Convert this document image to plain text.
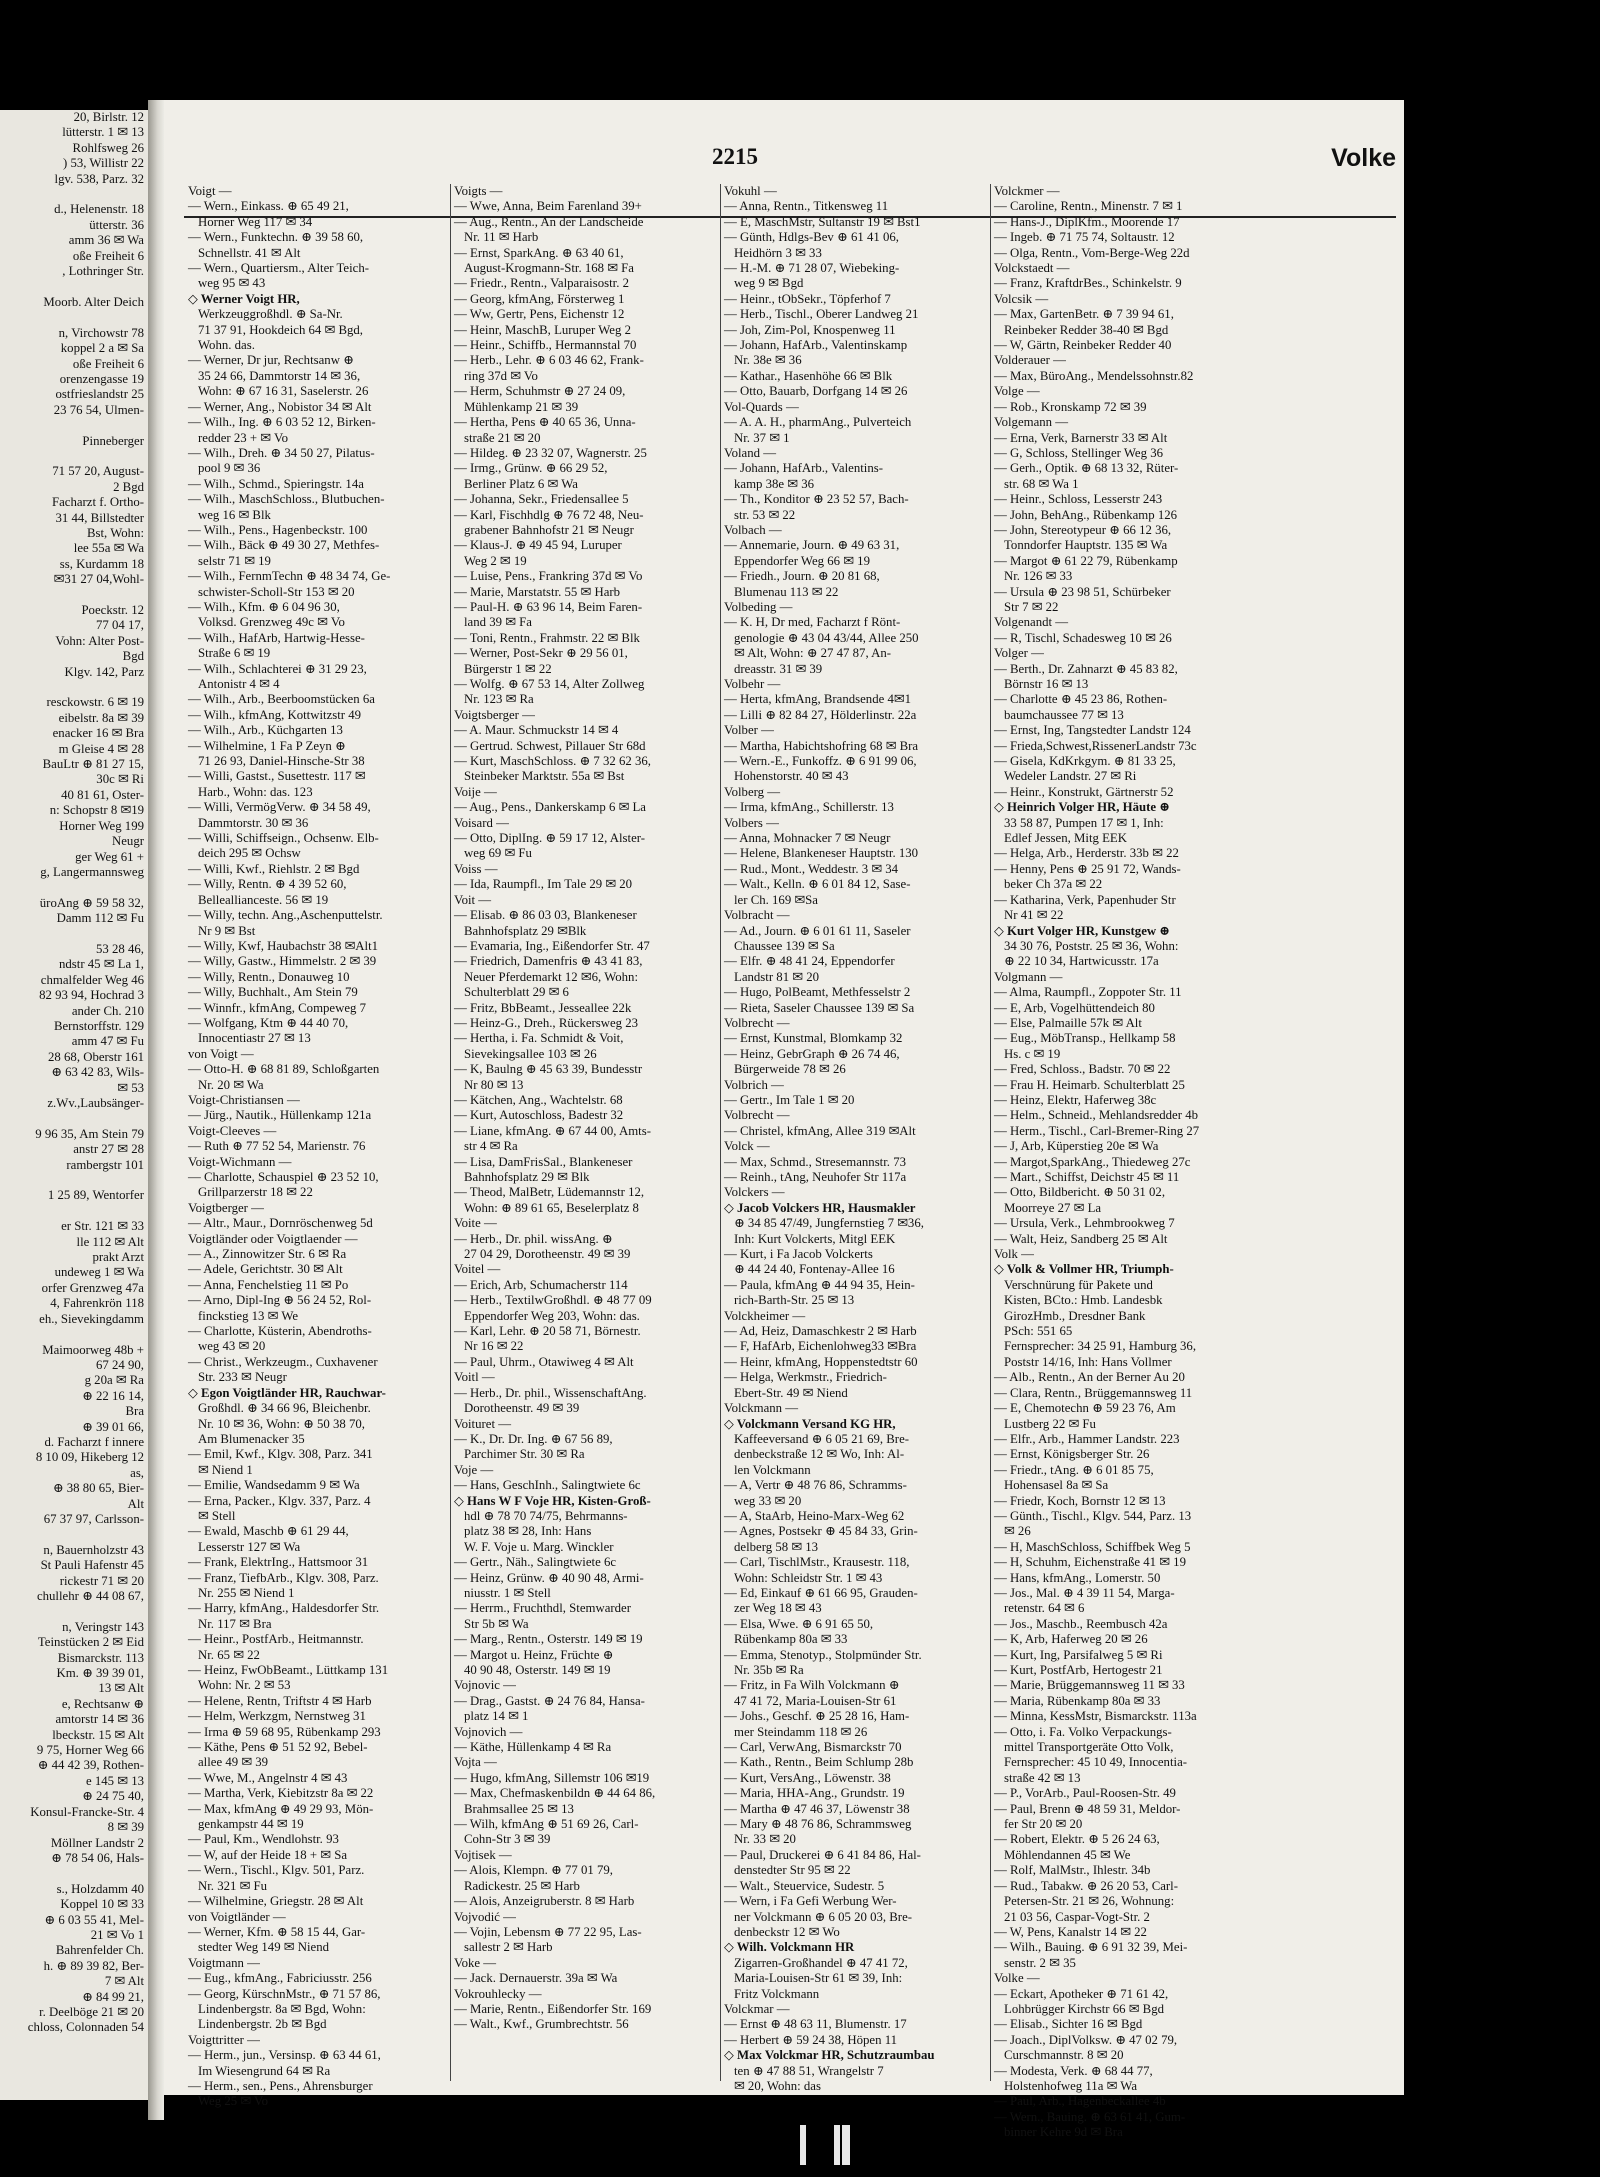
20, Birlstr. 12
lütterstr. 1 ✉ 13
Rohlfsweg 26
) 53, Willistr 22
lgv. 538, Parz. 32

d., Helenenstr. 18
ütterstr. 36
amm 36 ✉ Wa
oße Freiheit 6
, Lothringer Str.

Moorb. Alter Deich

n, Virchowstr 78
koppel 2 a ✉ Sa
oße Freiheit 6
orenzengasse 19
ostfrieslandstr 25
23 76 54, Ulmen-

Pinneberger

71 57 20, August-
2 Bgd
Facharzt f. Ortho-
31 44, Billstedter
Bst, Wohn:
lee 55a ✉ Wa
ss, Kurdamm 18
✉31 27 04,Wohl-

Poeckstr. 12
77 04 17,
Vohn: Alter Post-
Bgd
Klgv. 142, Parz

resckowstr. 6 ✉ 19
eibelstr. 8a ✉ 39
enacker 16 ✉ Bra
m Gleise 4 ✉ 28
BauLtr ⊕ 81 27 15,
30c ✉ Ri
40 81 61, Oster-
n: Schopstr 8 ✉19
Horner Weg 199
Neugr
ger Weg 61 +
g, Langermannsweg

üroAng ⊕ 59 58 32,
Damm 112 ✉ Fu

53 28 46,
ndstr 45 ✉ La 1,
chmalfelder Weg 46
82 93 94, Hochrad 3
ander Ch. 210
Bernstorffstr. 129
amm 47 ✉ Fu
28 68, Oberstr 161
⊕ 63 42 83, Wils-
✉ 53
z.Wv.,Laubsänger-

9 96 35, Am Stein 79
anstr 27 ✉ 28
rambergstr 101

1 25 89, Wentorfer

er Str. 121 ✉ 33
lle 112 ✉ Alt
prakt Arzt
undeweg 1 ✉ Wa
orfer Grenzweg 47a
4, Fahrenkrön 118
eh., Sievekingdamm

Maimoorweg 48b +
67 24 90,
g 20a ✉ Ra
⊕ 22 16 14,
Bra
⊕ 39 01 66,
d. Facharzt f innere
8 10 09, Hikeberg 12
as,
⊕ 38 80 65, Bier-
Alt
67 37 97, Carlsson-

n, Bauernholzstr 43
St Pauli Hafenstr 45
rickestr 71 ✉ 20
chullehr ⊕ 44 08 67,

n, Veringstr 143
Teinstücken 2 ✉ Eid
Bismarckstr. 113
Km. ⊕ 39 39 01,
13 ✉ Alt
e, Rechtsanw ⊕
amtorstr 14 ✉ 36
lbeckstr. 15 ✉ Alt
9 75, Horner Weg 66
⊕ 44 42 39, Rothen-
e 145 ✉ 13
⊕ 24 75 40,
Konsul-Francke-Str. 4
8 ✉ 39
Möllner Landstr 2
⊕ 78 54 06, Hals-

s., Holzdamm 40
Koppel 10 ✉ 33
⊕ 6 03 55 41, Mel-
21 ✉ Vo 1
Bahrenfelder Ch.
h. ⊕ 89 39 82, Ber-
7 ✉ Alt
⊕ 84 99 21,
r. Deelböge 21 ✉ 20
chloss, Colonnaden 54
2215	Volke
Voigt —
— Wern., Einkass. ⊕ 65 49 21,
Horner Weg 117 ✉ 34
— Wern., Funktechn. ⊕ 39 58 60,
Schnellstr. 41 ✉ Alt
— Wern., Quartiersm., Alter Teich-
weg 95 ✉ 43
◇ Werner Voigt HR,
Werkzeuggroßhdl. ⊕ Sa-Nr.
71 37 91, Hookdeich 64 ✉ Bgd,
Wohn. das.
— Werner, Dr jur, Rechtsanw ⊕
35 24 66, Dammtorstr 14 ✉ 36,
Wohn: ⊕ 67 16 31, Saselerstr. 26
— Werner, Ang., Nobistor 34 ✉ Alt
— Wilh., Ing. ⊕ 6 03 52 12, Birken-
redder 23 + ✉ Vo
— Wilh., Dreh. ⊕ 34 50 27, Pilatus-
pool 9 ✉ 36
— Wilh., Schmd., Spieringstr. 14a
— Wilh., MaschSchloss., Blutbuchen-
weg 16 ✉ Blk
— Wilh., Pens., Hagenbeckstr. 100
— Wilh., Bäck ⊕ 49 30 27, Methfes-
selstr 71 ✉ 19
— Wilh., FernmTechn ⊕ 48 34 74, Ge-
schwister-Scholl-Str 153 ✉ 20
— Wilh., Kfm. ⊕ 6 04 96 30,
Volksd. Grenzweg 49c ✉ Vo
— Wilh., HafArb, Hartwig-Hesse-
Straße 6 ✉ 19
— Wilh., Schlachterei ⊕ 31 29 23,
Antonistr 4 ✉ 4
— Wilh., Arb., Beerboomstücken 6a
— Wilh., kfmAng, Kottwitzstr 49
— Wilh., Arb., Küchgarten 13
— Wilhelmine, 1 Fa P Zeyn ⊕
71 26 93, Daniel-Hinsche-Str 38
— Willi, Gastst., Susettestr. 117 ✉
Harb., Wohn: das. 123
— Willi, VermögVerw. ⊕ 34 58 49,
Dammtorstr. 30 ✉ 36
— Willi, Schiffseign., Ochsenw. Elb-
deich 295 ✉ Ochsw
— Willi, Kwf., Riehlstr. 2 ✉ Bgd
— Willy, Rentn. ⊕ 4 39 52 60,
Belleallianceste. 56 ✉ 19
— Willy, techn. Ang.,Aschenputtelstr.
Nr 9 ✉ Bst
— Willy, Kwf, Haubachstr 38 ✉Alt1
— Willy, Gastw., Himmelstr. 2 ✉ 39
— Willy, Rentn., Donauweg 10
— Willy, Buchhalt., Am Stein 79
— Winnfr., kfmAng, Compeweg 7
— Wolfgang, Ktm ⊕ 44 40 70,
Innocentiastr 27 ✉ 13
von Voigt —
— Otto-H. ⊕ 68 81 89, Schloßgarten
Nr. 20 ✉ Wa
Voigt-Christiansen —
— Jürg., Nautik., Hüllenkamp 121a
Voigt-Cleeves —
— Ruth ⊕ 77 52 54, Marienstr. 76
Voigt-Wichmann —
— Charlotte, Schauspiel ⊕ 23 52 10,
Grillparzerstr 18 ✉ 22
Voigtberger —
— Altr., Maur., Dornröschenweg 5d
Voigtländer oder Voigtlaender —
— A., Zinnowitzer Str. 6 ✉ Ra
— Adele, Gerichtstr. 30 ✉ Alt
— Anna, Fenchelstieg 11 ✉ Po
— Arno, Dipl-Ing ⊕ 56 24 52, Rol-
finckstieg 13 ✉ We
— Charlotte, Küsterin, Abendroths-
weg 43 ✉ 20
— Christ., Werkzeugm., Cuxhavener
Str. 233 ✉ Neugr
◇ Egon Voigtländer HR, Rauchwar-
Großhdl. ⊕ 34 66 96, Bleichenbr.
Nr. 10 ✉ 36, Wohn: ⊕ 50 38 70,
Am Blumenacker 35
— Emil, Kwf., Klgv. 308, Parz. 341
✉ Niend 1
— Emilie, Wandsedamm 9 ✉ Wa
— Erna, Packer., Klgv. 337, Parz. 4
✉ Stell
— Ewald, Maschb ⊕ 61 29 44,
Lesserstr 127 ✉ Wa
— Frank, ElektrIng., Hattsmoor 31
— Franz, TiefbArb., Klgv. 308, Parz.
Nr. 255 ✉ Niend 1
— Harry, kfmAng., Haldesdorfer Str.
Nr. 117 ✉ Bra
— Heinr., PostfArb., Heitmannstr.
Nr. 65 ✉ 22
— Heinz, FwObBeamt., Lüttkamp 131
Wohn: Nr. 2 ✉ 53
— Helene, Rentn, Triftstr 4 ✉ Harb
— Helm, Werkzgm, Nernstweg 31
— Irma ⊕ 59 68 95, Rübenkamp 293
— Käthe, Pens ⊕ 51 52 92, Bebel-
allee 49 ✉ 39
— Wwe, M., Angelnstr 4 ✉ 43
— Martha, Verk, Kiebitzstr 8a ✉ 22
— Max, kfmAng ⊕ 49 29 93, Mön-
genkampstr 44 ✉ 19
— Paul, Km., Wendlohstr. 93
— W, auf der Heide 18 + ✉ Sa
— Wern., Tischl., Klgv. 501, Parz.
Nr. 321 ✉ Fu
— Wilhelmine, Griegstr. 28 ✉ Alt
von Voigtländer —
— Werner, Kfm. ⊕ 58 15 44, Gar-
stedter Weg 149 ✉ Niend
Voigtmann —
— Eug., kfmAng., Fabriciusstr. 256
— Georg, KürschnMstr., ⊕ 71 57 86,
Lindenbergstr. 8a ✉ Bgd, Wohn:
Lindenbergstr. 2b ✉ Bgd
Voigttritter —
— Herm., jun., Versinsp. ⊕ 63 44 61,
Im Wiesengrund 64 ✉ Ra
— Herm., sen., Pens., Ahrensburger
Weg 25 ✉ Vo
Voigts —
— Wwe, Anna, Beim Farenland 39+
— Aug., Rentn., An der Landscheide
Nr. 11 ✉ Harb
— Ernst, SparkAng. ⊕ 63 40 61,
August-Krogmann-Str. 168 ✉ Fa
— Friedr., Rentn., Valparaisostr. 2
— Georg, kfmAng, Försterweg 1
— Ww, Gertr, Pens, Eichenstr 12
— Heinr, MaschB, Luruper Weg 2
— Heinr., Schiffb., Hermannstal 70
— Herb., Lehr. ⊕ 6 03 46 62, Frank-
ring 37d ✉ Vo
— Herm, Schuhmstr ⊕ 27 24 09,
Mühlenkamp 21 ✉ 39
— Hertha, Pens ⊕ 40 65 36, Unna-
straße 21 ✉ 20
— Hildeg. ⊕ 23 32 07, Wagnerstr. 25
— Irmg., Grünw. ⊕ 66 29 52,
Berliner Platz 6 ✉ Wa
— Johanna, Sekr., Friedensallee 5
— Karl, Fischhdlg ⊕ 76 72 48, Neu-
grabener Bahnhofstr 21 ✉ Neugr
— Klaus-J. ⊕ 49 45 94, Luruper
Weg 2 ✉ 19
— Luise, Pens., Frankring 37d ✉ Vo
— Marie, Marstatstr. 55 ✉ Harb
— Paul-H. ⊕ 63 96 14, Beim Faren-
land 39 ✉ Fa
— Toni, Rentn., Frahmstr. 22 ✉ Blk
— Werner, Post-Sekr ⊕ 29 56 01,
Bürgerstr 1 ✉ 22
— Wolfg. ⊕ 67 53 14, Alter Zollweg
Nr. 123 ✉ Ra
Voigtsberger —
— A. Maur. Schmuckstr 14 ✉ 4
— Gertrud. Schwest, Pillauer Str 68d
— Kurt, MaschSchloss. ⊕ 7 32 62 36,
Steinbeker Marktstr. 55a ✉ Bst
Voije —
— Aug., Pens., Dankerskamp 6 ✉ La
Voisard —
— Otto, DiplIng. ⊕ 59 17 12, Alster-
weg 69 ✉ Fu
Voiss —
— Ida, Raumpfl., Im Tale 29 ✉ 20
Voit —
— Elisab. ⊕ 86 03 03, Blankeneser
Bahnhofsplatz 29 ✉Blk
— Evamaria, Ing., Eißendorfer Str. 47
— Friedrich, Damenfris ⊕ 43 41 83,
Neuer Pferdemarkt 12 ✉6, Wohn:
Schulterblatt 29 ✉ 6
— Fritz, BbBeamt., Jesseallee 22k
— Heinz-G., Dreh., Rückersweg 23
— Hertha, i. Fa. Schmidt & Voit,
Sievekingsallee 103 ✉ 26
— K, Baulng ⊕ 45 63 39, Bundesstr
Nr 80 ✉ 13
— Kätchen, Ang., Wachtelstr. 68
— Kurt, Autoschloss, Badestr 32
— Liane, kfmAng. ⊕ 67 44 00, Amts-
str 4 ✉ Ra
— Lisa, DamFrisSal., Blankeneser
Bahnhofsplatz 29 ✉ Blk
— Theod, MalBetr, Lüdemannstr 12,
Wohn: ⊕ 89 61 65, Beselerplatz 8
Voite —
— Herb., Dr. phil. wissAng. ⊕
27 04 29, Dorotheenstr. 49 ✉ 39
Voitel —
— Erich, Arb, Schumacherstr 114
— Herb., TextilwGroßhdl. ⊕ 48 77 09
Eppendorfer Weg 203, Wohn: das.
— Karl, Lehr. ⊕ 20 58 71, Börnestr.
Nr 16 ✉ 22
— Paul, Uhrm., Otawiweg 4 ✉ Alt
Voitl —
— Herb., Dr. phil., WissenschaftAng.
Dorotheenstr. 49 ✉ 39
Voituret —
— K., Dr. Dr. Ing. ⊕ 67 56 89,
Parchimer Str. 30 ✉ Ra
Voje —
— Hans, GeschInh., Salingtwiete 6c
◇ Hans W F Voje HR, Kisten-Groß-
hdl ⊕ 78 70 74/75, Behrmanns-
platz 38 ✉ 28, Inh: Hans
W. F. Voje u. Marg. Winckler
— Gertr., Näh., Salingtwiete 6c
— Heinz, Grünw. ⊕ 40 90 48, Armi-
niusstr. 1 ✉ Stell
— Herrm., Fruchthdl, Stemwarder
Str 5b ✉ Wa
— Marg., Rentn., Osterstr. 149 ✉ 19
— Margot u. Heinz, Früchte ⊕
40 90 48, Osterstr. 149 ✉ 19
Vojnovic —
— Drag., Gastst. ⊕ 24 76 84, Hansa-
platz 14 ✉ 1
Vojnovich —
— Käthe, Hüllenkamp 4 ✉ Ra
Vojta —
— Hugo, kfmAng, Sillemstr 106 ✉19
— Max, Chefmaskenbildn ⊕ 44 64 86,
Brahmsallee 25 ✉ 13
— Wilh, kfmAng ⊕ 51 69 26, Carl-
Cohn-Str 3 ✉ 39
Vojtisek —
— Alois, Klempn. ⊕ 77 01 79,
Radickestr. 25 ✉ Harb
— Alois, Anzeigruberstr. 8 ✉ Harb
Vojvodić —
— Vojin, Lebensm ⊕ 77 22 95, Las-
sallestr 2 ✉ Harb
Voke —
— Jack. Dernauerstr. 39a ✉ Wa
Vokrouhlecky —
— Marie, Rentn., Eißendorfer Str. 169
— Walt., Kwf., Grumbrechtstr. 56
Vokuhl —
— Anna, Rentn., Titkensweg 11
— E, MaschMstr, Sultanstr 19 ✉ Bst1
— Günth, Hdlgs-Bev ⊕ 61 41 06,
Heidhörn 3 ✉ 33
— H.-M. ⊕ 71 28 07, Wiebeking-
weg 9 ✉ Bgd
— Heinr., tObSekr., Töpferhof 7
— Herb., Tischl., Oberer Landweg 21
— Joh, Zim-Pol, Knospenweg 11
— Johann, HafArb., Valentinskamp
Nr. 38e ✉ 36
— Kathar., Hasenhöhe 66 ✉ Blk
— Otto, Bauarb, Dorfgang 14 ✉ 26
Vol-Quards —
— A. A. H., pharmAng., Pulverteich
Nr. 37 ✉ 1
Voland —
— Johann, HafArb., Valentins-
kamp 38e ✉ 36
— Th., Konditor ⊕ 23 52 57, Bach-
str. 53 ✉ 22
Volbach —
— Annemarie, Journ. ⊕ 49 63 31,
Eppendorfer Weg 66 ✉ 19
— Friedh., Journ. ⊕ 20 81 68,
Blumenau 113 ✉ 22
Volbeding —
— K. H, Dr med, Facharzt f Rönt-
genologie ⊕ 43 04 43/44, Allee 250
✉ Alt, Wohn: ⊕ 27 47 87, An-
dreasstr. 31 ✉ 39
Volbehr —
— Herta, kfmAng, Brandsende 4✉1
— Lilli ⊕ 82 84 27, Hölderlinstr. 22a
Volber —
— Martha, Habichtshofring 68 ✉ Bra
— Wern.-E., Funkoffz. ⊕ 6 91 99 06,
Hohenstorstr. 40 ✉ 43
Volberg —
— Irma, kfmAng., Schillerstr. 13
Volbers —
— Anna, Mohnacker 7 ✉ Neugr
— Helene, Blankeneser Hauptstr. 130
— Rud., Mont., Weddestr. 3 ✉ 34
— Walt., Kelln. ⊕ 6 01 84 12, Sase-
ler Ch. 169 ✉Sa
Volbracht —
— Ad., Journ. ⊕ 6 01 61 11, Saseler
Chaussee 139 ✉ Sa
— Elfr. ⊕ 48 41 24, Eppendorfer
Landstr 81 ✉ 20
— Hugo, PolBeamt, Methfesselstr 2
— Rieta, Saseler Chaussee 139 ✉ Sa
Volbrecht —
— Ernst, Kunstmal, Blomkamp 32
— Heinz, GebrGraph ⊕ 26 74 46,
Bürgerweide 78 ✉ 26
Volbrich —
— Gertr., Im Tale 1 ✉ 20
Volbrecht —
— Christel, kfmAng, Allee 319 ✉Alt
Volck —
— Max, Schmd., Stresemannstr. 73
— Reinh., tAng, Neuhofer Str 117a
Volckers —
◇ Jacob Volckers HR, Hausmakler
⊕ 34 85 47/49, Jungfernstieg 7 ✉36,
Inh: Kurt Volckerts, Mitgl EEK
— Kurt, i Fa Jacob Volckerts
⊕ 44 24 40, Fontenay-Allee 16
— Paula, kfmAng ⊕ 44 94 35, Hein-
rich-Barth-Str. 25 ✉ 13
Volckheimer —
— Ad, Heiz, Damaschkestr 2 ✉ Harb
— F, HafArb, Eichenlohweg33 ✉Bra
— Heinr, kfmAng, Hoppenstedtstr 60
— Helga, Werkmstr., Friedrich-
Ebert-Str. 49 ✉ Niend
Volckmann —
◇ Volckmann Versand KG HR,
Kaffeeversand ⊕ 6 05 21 69, Bre-
denbeckstraße 12 ✉ Wo, Inh: Al-
len Volckmann
— A, Vertr ⊕ 48 76 86, Schramms-
weg 33 ✉ 20
— A, StaArb, Heino-Marx-Weg 62
— Agnes, Postsekr ⊕ 45 84 33, Grin-
delberg 58 ✉ 13
— Carl, TischlMstr., Krausestr. 118,
Wohn: Schleidstr Str. 1 ✉ 43
— Ed, Einkauf ⊕ 61 66 95, Grauden-
zer Weg 18 ✉ 43
— Elsa, Wwe. ⊕ 6 91 65 50,
Rübenkamp 80a ✉ 33
— Emma, Stenotyp., Stolpmünder Str.
Nr. 35b ✉ Ra
— Fritz, in Fa Wilh Volckmann ⊕
47 41 72, Maria-Louisen-Str 61
— Johs., Geschf. ⊕ 25 28 16, Ham-
mer Steindamm 118 ✉ 26
— Carl, VerwAng, Bismarckstr 70
— Kath., Rentn., Beim Schlump 28b
— Kurt, VersAng., Löwenstr. 38
— Maria, HHA-Ang., Grundstr. 19
— Martha ⊕ 47 46 37, Löwenstr 38
— Mary ⊕ 48 76 86, Schrammsweg
Nr. 33 ✉ 20
— Paul, Druckerei ⊕ 6 41 84 86, Hal-
denstedter Str 95 ✉ 22
— Walt., Steuervice, Sudestr. 5
— Wern, i Fa Gefi Werbung Wer-
ner Volckmann ⊕ 6 05 20 03, Bre-
denbeckstr 12 ✉ Wo
◇ Wilh. Volckmann HR
Zigarren-Großhandel ⊕ 47 41 72,
Maria-Louisen-Str 61 ✉ 39, Inh:
Fritz Volckmann
Volckmar —
— Ernst ⊕ 48 63 11, Blumenstr. 17
— Herbert ⊕ 59 24 38, Höpen 11
◇ Max Volckmar HR, Schutzraumbau
ten ⊕ 47 88 51, Wrangelstr 7
✉ 20, Wohn: das
Volckmer —
— Caroline, Rentn., Minenstr. 7 ✉ 1
— Hans-J., DiplKfm., Moorende 17
— Ingeb. ⊕ 71 75 74, Soltaustr. 12
— Olga, Rentn., Vom-Berge-Weg 22d
Volckstaedt —
— Franz, KraftdrBes., Schinkelstr. 9
Volcsik —
— Max, GartenBetr. ⊕ 7 39 94 61,
Reinbeker Redder 38-40 ✉ Bgd
— W, Gärtn, Reinbeker Redder 40
Volderauer —
— Max, BüroAng., Mendelssohnstr.82
Volge —
— Rob., Kronskamp 72 ✉ 39
Volgemann —
— Erna, Verk, Barnerstr 33 ✉ Alt
— G, Schloss, Stellinger Weg 36
— Gerh., Optik. ⊕ 68 13 32, Rüter-
str. 68 ✉ Wa 1
— Heinr., Schloss, Lesserstr 243
— John, BehAng., Rübenkamp 126
— John, Stereotypeur ⊕ 66 12 36,
Tonndorfer Hauptstr. 135 ✉ Wa
— Margot ⊕ 61 22 79, Rübenkamp
Nr. 126 ✉ 33
— Ursula ⊕ 23 98 51, Schürbeker
Str 7 ✉ 22
Volgenandt —
— R, Tischl, Schadesweg 10 ✉ 26
Volger —
— Berth., Dr. Zahnarzt ⊕ 45 83 82,
Börnstr 16 ✉ 13
— Charlotte ⊕ 45 23 86, Rothen-
baumchaussee 77 ✉ 13
— Ernst, Ing, Tangstedter Landstr 124
— Frieda,Schwest,RissenerLandstr 73c
— Gisela, KdKrkgym. ⊕ 81 33 25,
Wedeler Landstr. 27 ✉ Ri
— Heinr., Konstrukt, Gärtnerstr 52
◇ Heinrich Volger HR, Häute ⊕
33 58 87, Pumpen 17 ✉ 1, Inh:
Edlef Jessen, Mitg EEK
— Helga, Arb., Herderstr. 33b ✉ 22
— Henny, Pens ⊕ 25 91 72, Wands-
beker Ch 37a ✉ 22
— Katharina, Verk, Papenhuder Str
Nr 41 ✉ 22
◇ Kurt Volger HR, Kunstgew ⊕
34 30 76, Poststr. 25 ✉ 36, Wohn:
⊕ 22 10 34, Hartwicusstr. 17a
Volgmann —
— Alma, Raumpfl., Zoppoter Str. 11
— E, Arb, Vogelhüttendeich 80
— Else, Palmaille 57k ✉ Alt
— Eug., MöbTransp., Hellkamp 58
Hs. c ✉ 19
— Fred, Schloss., Badstr. 70 ✉ 22
— Frau H. Heimarb. Schulterblatt 25
— Heinz, Elektr, Haferweg 38c
— Helm., Schneid., Mehlandsredder 4b
— Herm., Tischl., Carl-Bremer-Ring 27
— J, Arb, Küperstieg 20e ✉ Wa
— Margot,SparkAng., Thiedeweg 27c
— Mart., Schiffst, Deichstr 45 ✉ 11
— Otto, Bildbericht. ⊕ 50 31 02,
Moorreye 27 ✉ La
— Ursula, Verk., Lehmbrookweg 7
— Walt, Heiz, Sandberg 25 ✉ Alt
Volk —
◇ Volk & Vollmer HR, Triumph-
Verschnürung für Pakete und
Kisten, BCto.: Hmb. Landesbk
GirozHmb., Dresdner Bank
PSch: 551 65
Fernsprecher: 34 25 91, Hamburg 36,
Poststr 14/16, Inh: Hans Vollmer
— Alb., Rentn., An der Berner Au 20
— Clara, Rentn., Brüggemannsweg 11
— E, Chemotechn ⊕ 59 23 76, Am
Lustberg 22 ✉ Fu
— Elfr., Arb., Hammer Landstr. 223
— Ernst, Königsberger Str. 26
— Friedr., tAng. ⊕ 6 01 85 75,
Hohensasel 8a ✉ Sa
— Friedr, Koch, Bornstr 12 ✉ 13
— Günth., Tischl., Klgv. 544, Parz. 13
✉ 26
— H, MaschSchloss, Schiffbek Weg 5
— H, Schuhm, Eichenstraße 41 ✉ 19
— Hans, kfmAng., Lomerstr. 50
— Jos., Mal. ⊕ 4 39 11 54, Marga-
retenstr. 64 ✉ 6
— Jos., Maschb., Reembusch 42a
— K, Arb, Haferweg 20 ✉ 26
— Kurt, Ing, Parsifalweg 5 ✉ Ri
— Kurt, PostfArb, Hertogestr 21
— Marie, Brüggemannsweg 11 ✉ 33
— Maria, Rübenkamp 80a ✉ 33
— Minna, KessMstr, Bismarckstr. 113a
— Otto, i. Fa. Volko Verpackungs-
mittel Transportgeräte Otto Volk,
Fernsprecher: 45 10 49, Innocentia-
straße 42 ✉ 13
— P., VorArb., Paul-Roosen-Str. 49
— Paul, Brenn ⊕ 48 59 31, Meldor-
fer Str 20 ✉ 20
— Robert, Elektr. ⊕ 5 26 24 63,
Möhlendannen 45 ✉ We
— Rolf, MalMstr., Ihlestr. 34b
— Rud., Tabakw. ⊕ 26 20 53, Carl-
Petersen-Str. 21 ✉ 26, Wohnung:
21 03 56, Caspar-Vogt-Str. 2
— W, Pens, Kanalstr 14 ✉ 22
— Wilh., Bauing. ⊕ 6 91 32 39, Mei-
senstr. 2 ✉ 35
Volke —
— Eckart, Apotheker ⊕ 71 61 42,
Lohbrügger Kirchstr 66 ✉ Bgd
— Elisab., Sichter 16 ✉ Bgd
— Joach., DiplVolksw. ⊕ 47 02 79,
Curschmannstr. 8 ✉ 20
— Modesta, Verk. ⊕ 68 44 77,
Holstenhofweg 11a ✉ Wa
— Paul, Arb., Hagenbeckallee 4b
— Wern., Bauing. ⊕ 63 61 41, Gum-
binner Kehre 9d ✉ Bra
